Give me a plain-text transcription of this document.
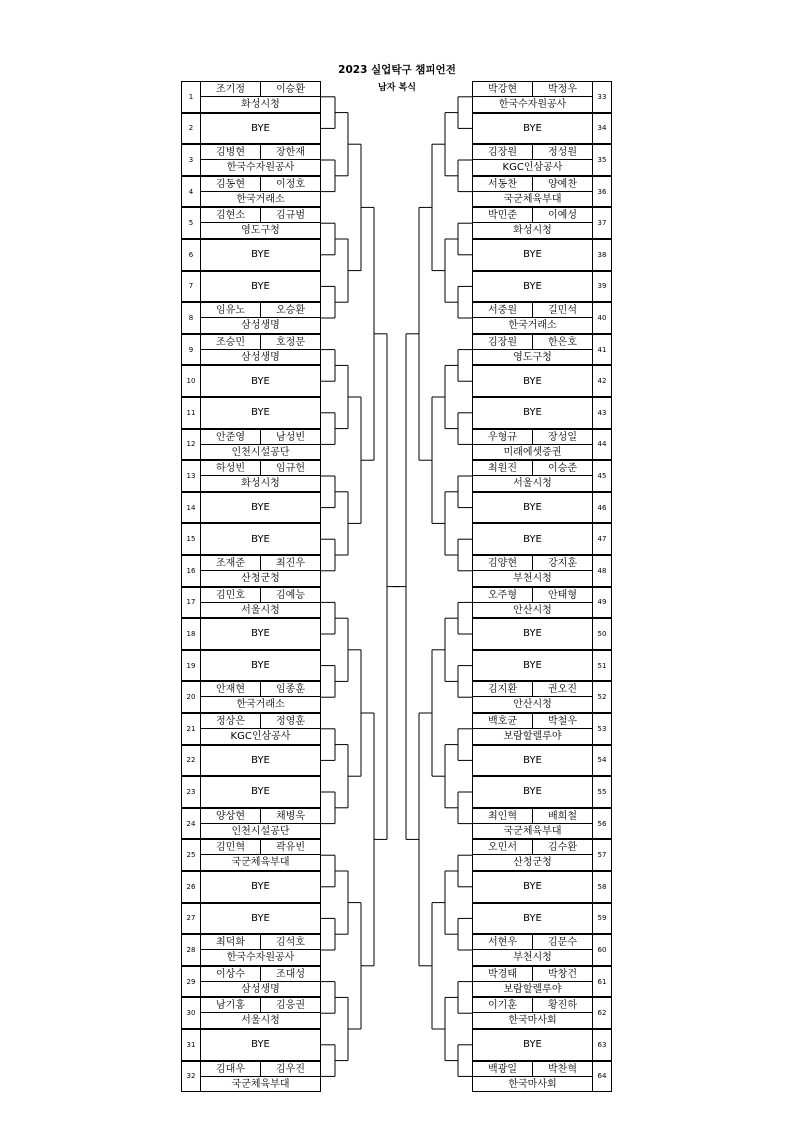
2023 실업탁구 챔피언전
남자 복식
1
조기정	이승환
화성시청
2	BYE
3
김병현	장한재
한국수자원공사
4
김동현	이정호
한국거래소
5
김현소	김규범
영도구청
6	BYE
7	BYE
8
임유노	오승환
삼성생명
9
조승민	호정문
삼성생명
10	BYE
11	BYE
12
안준영	남성빈
인천시설공단
13
하성빈	임규헌
화성시청
14	BYE
15	BYE
16
조재준	최진우
산청군청
17
김민호	김예능
서울시청
18	BYE
19	BYE
20
안재현	임종훈
한국거래소
21
정상은	정영훈
KGC인삼공사
22	BYE
23	BYE
24
양상현	채병욱
인천시설공단
25
김민혁	곽유빈
국군체육부대
26	BYE
27	BYE
28
최덕화	김석호
한국수자원공사
29
이상수	조대성
삼성생명
30
남기홍	김응권
서울시청
31	BYE
32
김대우	김우진
국군체육부대
33
박강현	박정우
한국수자원공사
34
BYE
35
김장원	정성원
KGC인삼공사
36
서동찬	양예찬
국군체육부대
37
박민준	이예성
화성시청
38
BYE
39
BYE
40
서중원	길민석
한국거래소
41
김장원	한은호
영도구청
42
BYE
43
BYE
44
우형규	장성일
미래에셋증권
45
최원진	이승준
서울시청
46
BYE
47
BYE
48
김양현	강지훈
부천시청
49
오주형	안태형
안산시청
50
BYE
51
BYE
52
김지환	권오진
안산시청
53
백호균	박철우
보람할렐루야
54
BYE
55
BYE
56
최인혁	배희철
국군체육부대
57
오민서	김수환
산청군청
58
BYE
59
BYE
60
서현우	김문수
부천시청
61
박경태	박창건
보람할렐루야
62
이기훈	황진하
한국마사회
63
BYE
64
백광일	박찬혁
한국마사회
